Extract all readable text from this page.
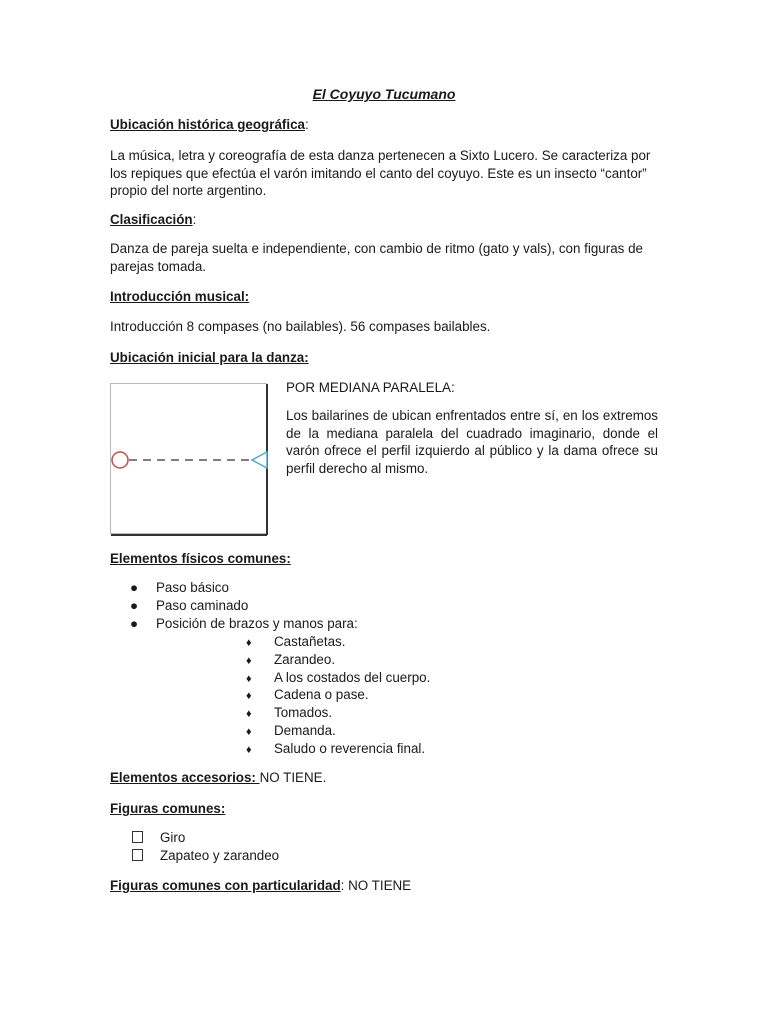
El Coyuyo Tucumano

Ubicación histórica geográfica:

La música, letra y coreografía de esta danza pertenecen a Sixto Lucero. Se caracteriza por los repiques que efectúa el varón imitando el canto del coyuyo. Este es un insecto “cantor” propio del norte argentino.

Clasificación:

Danza de pareja suelta e independiente, con cambio de ritmo (gato y vals), con figuras de parejas tomada.

Introducción musical:

Introducción 8 compases (no bailables). 56 compases bailables.

Ubicación inicial para la danza:

POR MEDIANA PARALELA:

Los bailarines de ubican enfrentados entre sí, en los extremos de la mediana paralela del cuadrado imaginario, donde el varón ofrece el perfil izquierdo al público y la dama ofrece su perfil derecho al mismo.

Elementos físicos comunes:

● Paso básico
● Paso caminado
● Posición de brazos y manos para:
♦ Castañetas.
♦ Zarandeo.
♦ A los costados del cuerpo.
♦ Cadena o pase.
♦ Tomados.
♦ Demanda.
♦ Saludo o reverencia final.

Elementos accesorios: NO TIENE.

Figuras comunes:

Giro
Zapateo y zarandeo

Figuras comunes con particularidad: NO TIENE
